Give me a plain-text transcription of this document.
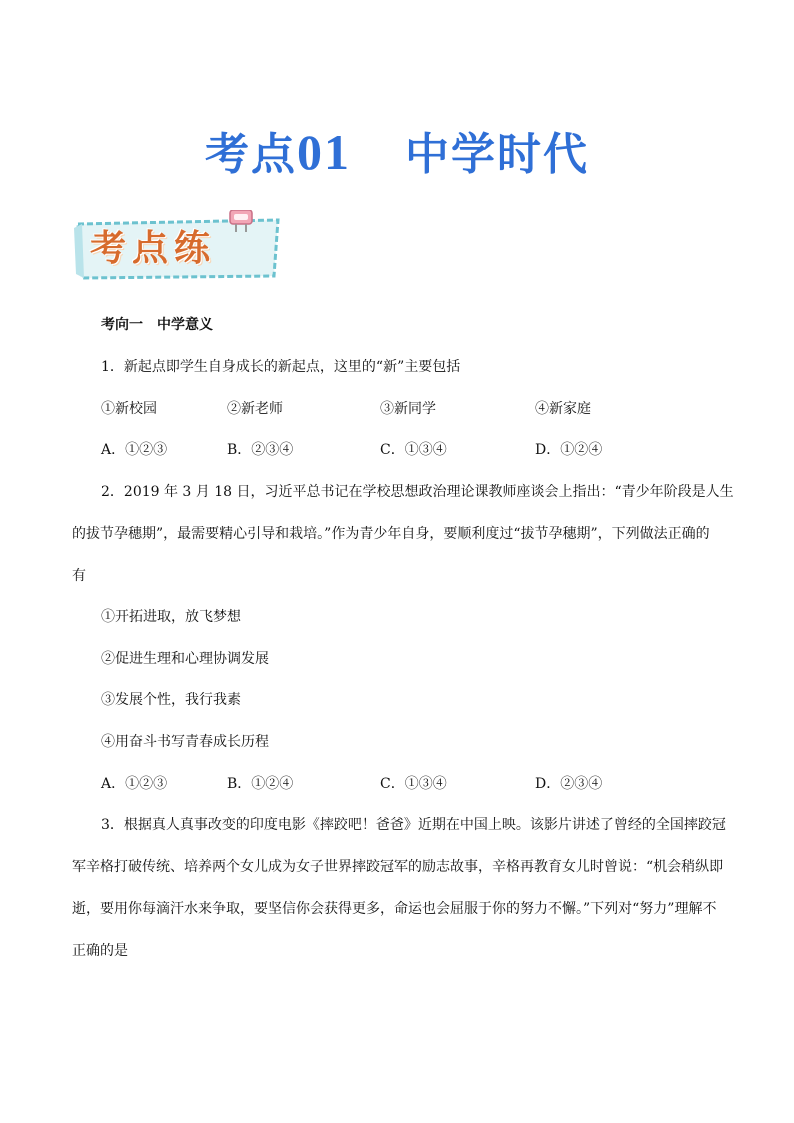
考点01 中学时代
考点练
考向一　中学意义
1．新起点即学生自身成长的新起点，这里的“新”主要包括
①新校园	②新老师	③新同学	④新家庭
A．①②③	B．②③④	C．①③④	D．①②④
2．2019 年 3 月 18 日，习近平总书记在学校思想政治理论课教师座谈会上指出：“青少年阶段是人生
的拔节孕穗期”，最需要精心引导和栽培。”作为青少年自身，要顺利度过“拔节孕穗期”，下列做法正确的
有
①开拓进取，放飞梦想
②促进生理和心理协调发展
③发展个性，我行我素
④用奋斗书写青春成长历程
A．①②③	B．①②④	C．①③④	D．②③④
3．根据真人真事改变的印度电影《摔跤吧！爸爸》近期在中国上映。该影片讲述了曾经的全国摔跤冠
军辛格打破传统、培养两个女儿成为女子世界摔跤冠军的励志故事，辛格再教育女儿时曾说：“机会稍纵即
逝，要用你每滴汗水来争取，要坚信你会获得更多，命运也会屈服于你的努力不懈。”下列对“努力”理解不
正确的是
